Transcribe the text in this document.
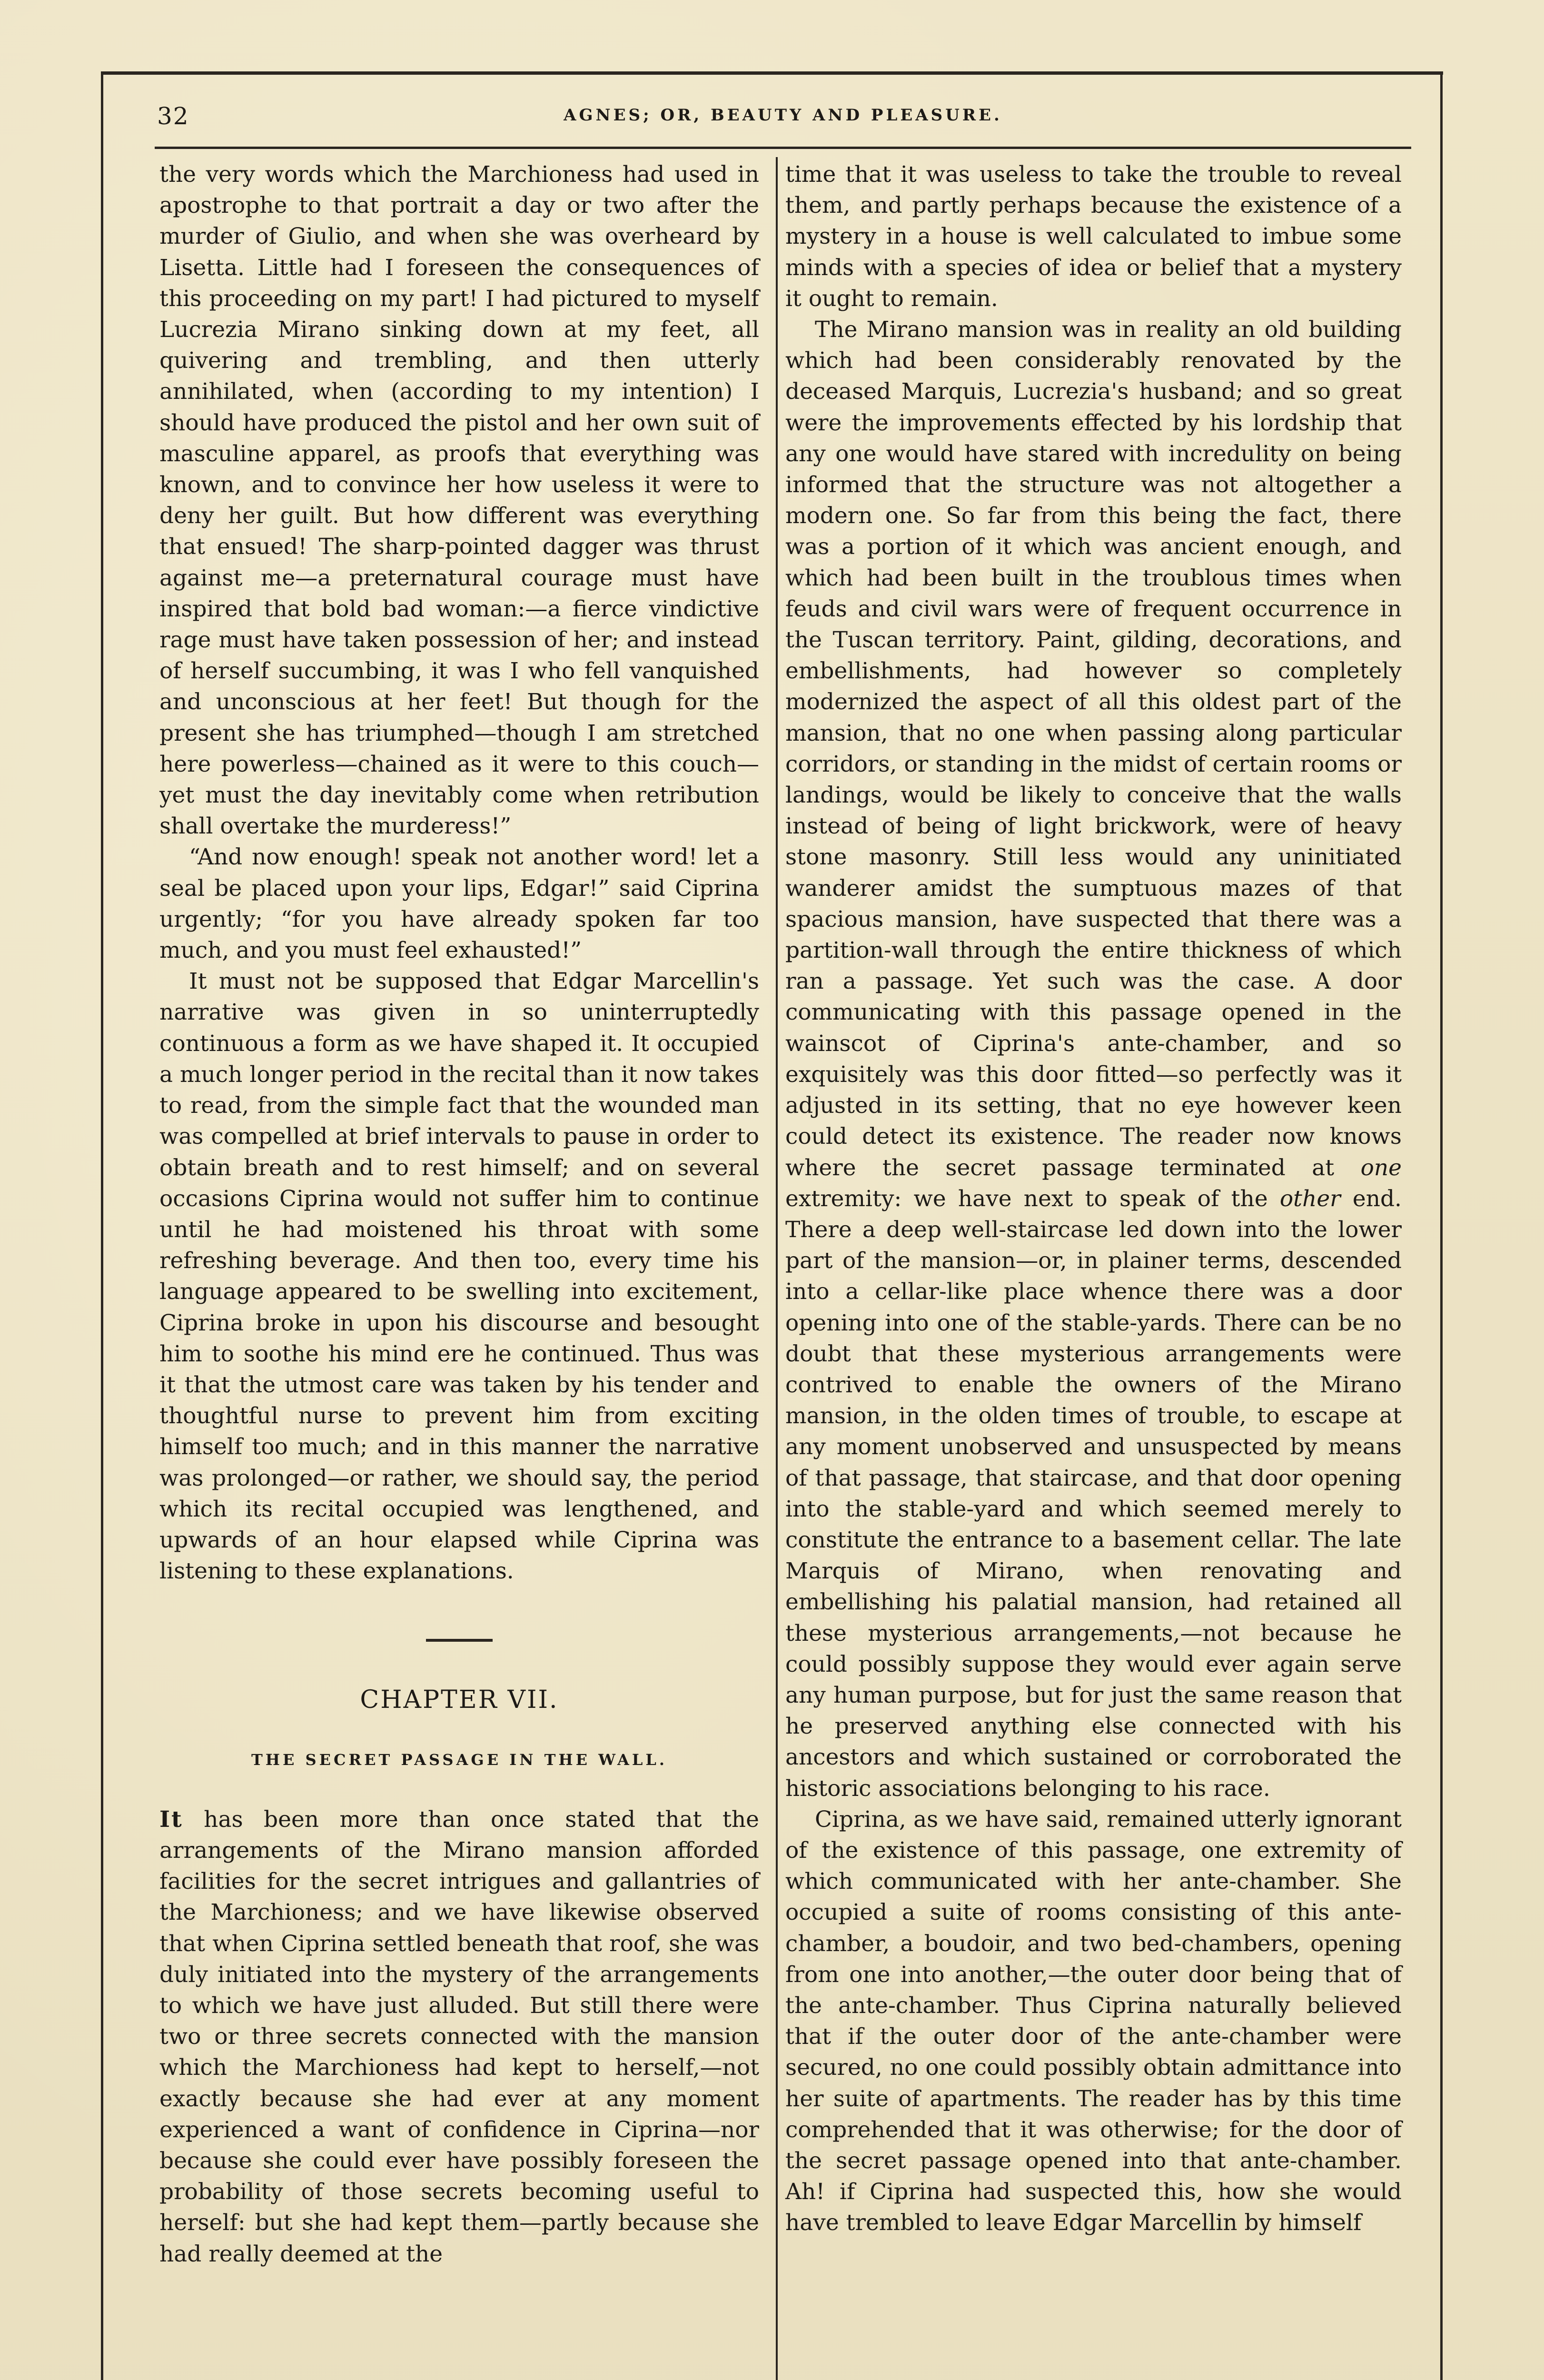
32	AGNES; OR, BEAUTY AND PLEASURE.

the very words which the Marchioness had used in apostrophe to that portrait a day or two after the murder of Giulio, and when she was overheard by Lisetta. Little had I foreseen the consequences of this proceeding on my part! I had pictured to myself Lucrezia Mirano sinking down at my feet, all quivering and trembling, and then utterly annihilated, when (according to my intention) I should have produced the pistol and her own suit of masculine apparel, as proofs that everything was known, and to convince her how useless it were to deny her guilt. But how different was everything that ensued! The sharp-pointed dagger was thrust against me—a preternatural courage must have inspired that bold bad woman:—a fierce vindictive rage must have taken possession of her; and instead of herself succumbing, it was I who fell vanquished and unconscious at her feet! But though for the present she has triumphed—though I am stretched here powerless—chained as it were to this couch—yet must the day inevitably come when retribution shall overtake the murderess!”

“And now enough! speak not another word! let a seal be placed upon your lips, Edgar!” said Ciprina urgently; “for you have already spoken far too much, and you must feel exhausted!”

It must not be supposed that Edgar Marcellin's narrative was given in so uninterruptedly continuous a form as we have shaped it. It occupied a much longer period in the recital than it now takes to read, from the simple fact that the wounded man was compelled at brief intervals to pause in order to obtain breath and to rest himself; and on several occasions Ciprina would not suffer him to continue until he had moistened his throat with some refreshing beverage. And then too, every time his language appeared to be swelling into excitement, Ciprina broke in upon his discourse and besought him to soothe his mind ere he continued. Thus was it that the utmost care was taken by his tender and thoughtful nurse to prevent him from exciting himself too much; and in this manner the narrative was prolonged—or rather, we should say, the period which its recital occupied was lengthened, and upwards of an hour elapsed while Ciprina was listening to these explanations.

CHAPTER VII.
THE SECRET PASSAGE IN THE WALL.

It has been more than once stated that the arrangements of the Mirano mansion afforded facilities for the secret intrigues and gallantries of the Marchioness; and we have likewise observed that when Ciprina settled beneath that roof, she was duly initiated into the mystery of the arrangements to which we have just alluded. But still there were two or three secrets connected with the mansion which the Marchioness had kept to herself,—not exactly because she had ever at any moment experienced a want of confidence in Ciprina—nor because she could ever have possibly foreseen the probability of those secrets becoming useful to herself: but she had kept them—partly because she had really deemed at the

time that it was useless to take the trouble to reveal them, and partly perhaps because the existence of a mystery in a house is well calculated to imbue some minds with a species of idea or belief that a mystery it ought to remain.

The Mirano mansion was in reality an old building which had been considerably renovated by the deceased Marquis, Lucrezia's husband; and so great were the improvements effected by his lordship that any one would have stared with incredulity on being informed that the structure was not altogether a modern one. So far from this being the fact, there was a portion of it which was ancient enough, and which had been built in the troublous times when feuds and civil wars were of frequent occurrence in the Tuscan territory. Paint, gilding, decorations, and embellishments, had however so completely modernized the aspect of all this oldest part of the mansion, that no one when passing along particular corridors, or standing in the midst of certain rooms or landings, would be likely to conceive that the walls instead of being of light brickwork, were of heavy stone masonry. Still less would any uninitiated wanderer amidst the sumptuous mazes of that spacious mansion, have suspected that there was a partition-wall through the entire thickness of which ran a passage. Yet such was the case. A door communicating with this passage opened in the wainscot of Ciprina's ante-chamber, and so exquisitely was this door fitted—so perfectly was it adjusted in its setting, that no eye however keen could detect its existence. The reader now knows where the secret passage terminated at one extremity: we have next to speak of the other end. There a deep well-staircase led down into the lower part of the mansion—or, in plainer terms, descended into a cellar-like place whence there was a door opening into one of the stable-yards. There can be no doubt that these mysterious arrangements were contrived to enable the owners of the Mirano mansion, in the olden times of trouble, to escape at any moment unobserved and unsuspected by means of that passage, that staircase, and that door opening into the stable-yard and which seemed merely to constitute the entrance to a basement cellar. The late Marquis of Mirano, when renovating and embellishing his palatial mansion, had retained all these mysterious arrangements,—not because he could possibly suppose they would ever again serve any human purpose, but for just the same reason that he preserved anything else connected with his ancestors and which sustained or corroborated the historic associations belonging to his race.

Ciprina, as we have said, remained utterly ignorant of the existence of this passage, one extremity of which communicated with her ante-chamber. She occupied a suite of rooms consisting of this ante-chamber, a boudoir, and two bed-chambers, opening from one into another,—the outer door being that of the ante-chamber. Thus Ciprina naturally believed that if the outer door of the ante-chamber were secured, no one could possibly obtain admittance into her suite of apartments. The reader has by this time comprehended that it was otherwise; for the door of the secret passage opened into that ante-chamber. Ah! if Ciprina had suspected this, how she would have trembled to leave Edgar Marcellin by himself
